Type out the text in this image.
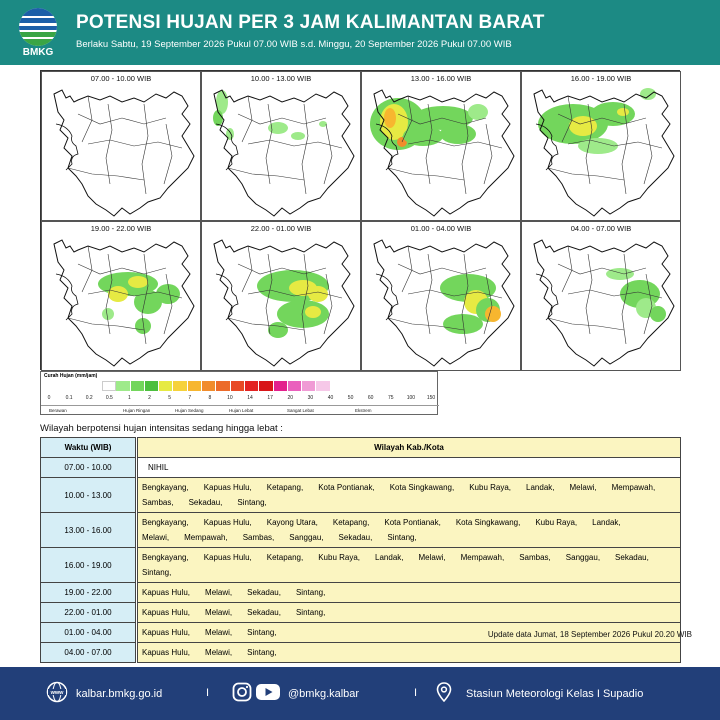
BMKG
POTENSI HUJAN PER 3 JAM KALIMANTAN BARAT
Berlaku Sabtu, 19 September 2026 Pukul 07.00 WIB s.d. Minggu, 20 September 2026 Pukul 07.00 WIB
07.00 - 10.00 WIB	10.00 - 13.00 WIB	13.00 - 16.00 WIB	16.00 - 19.00 WIB
19.00 - 22.00 WIB	22.00 - 01.00 WIB	01.00 - 04.00 WIB	04.00 - 07.00 WIB
Curah Hujan (mm/jam)
0	0.1	0.2	0.5	1	2	5	7	8	10	14	17	20	30	40	50	60	75	100 150
Berawan	Hujan Ringan	Hujan Sedang	Hujan Lebat	Sangat Lebat	Ekstrem
Wilayah berpotensi hujan intensitas sedang hingga lebat :
Waktu (WIB)		Wilayah Kab./Kota
07.00 - 10.00		NIHIL
10.00 - 13.00		Bengkayang, Kapuas Hulu, Ketapang, Kota Pontianak, Kota Singkawang, Kubu Raya, Landak, Melawi, Mempawah,Sambas, Sekadau, Sintang,
13.00 - 16.00		Bengkayang, Kapuas Hulu, Kayong Utara, Ketapang, Kota Pontianak, Kota Singkawang, Kubu Raya, Landak,Melawi, Mempawah, Sambas, Sanggau, Sekadau, Sintang,
16.00 - 19.00		Bengkayang, Kapuas Hulu, Ketapang, Kubu Raya, Landak, Melawi, Mempawah, Sambas, Sanggau, Sekadau,Sintang,
19.00 - 22.00		Kapuas Hulu, Melawi, Sekadau, Sintang,
22.00 - 01.00		Kapuas Hulu, Melawi, Sekadau, Sintang,
01.00 - 04.00		Kapuas Hulu, Melawi, Sintang,
04.00 - 07.00		Kapuas Hulu, Melawi, Sintang,
Update data Jumat, 18 September 2026 Pukul 20.20 WIB
www kalbar.bmkg.go.id	I	@bmkg.kalbar	I	Stasiun Meteorologi Kelas I Supadio
